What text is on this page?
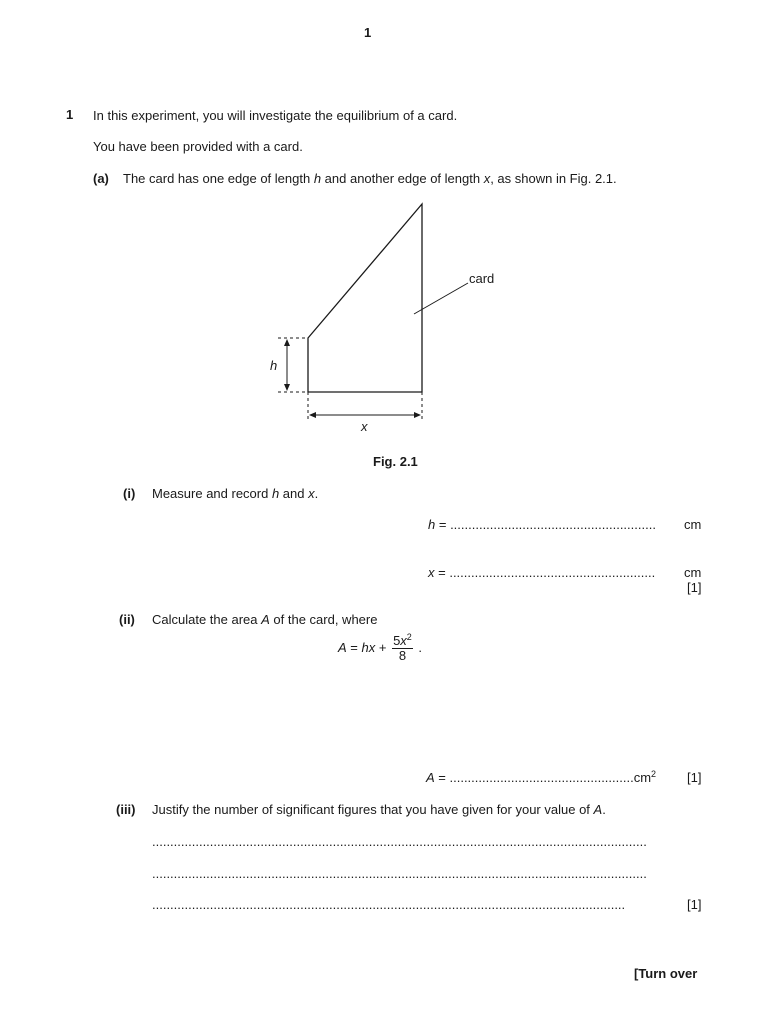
1
1 In this experiment, you will investigate the equilibrium of a card.
You have been provided with a card.
(a) The card has one edge of length h and another edge of length x, as shown in Fig. 2.1.
card
h
x
Fig. 2.1
(i) Measure and record h and x.
h = ......................................................... cm
x = ......................................................... cm
[1]
(ii) Calculate the area A of the card, where
A = hx + $\frac{5x^2}{8}$ .
$A = ...................................................cm^2$ [1]
(iii) Justify the number of significant figures that you have given for your value of A.
.........................................................................................................................................
.........................................................................................................................................
...................................................................................................................................	[1]
[Turn over
